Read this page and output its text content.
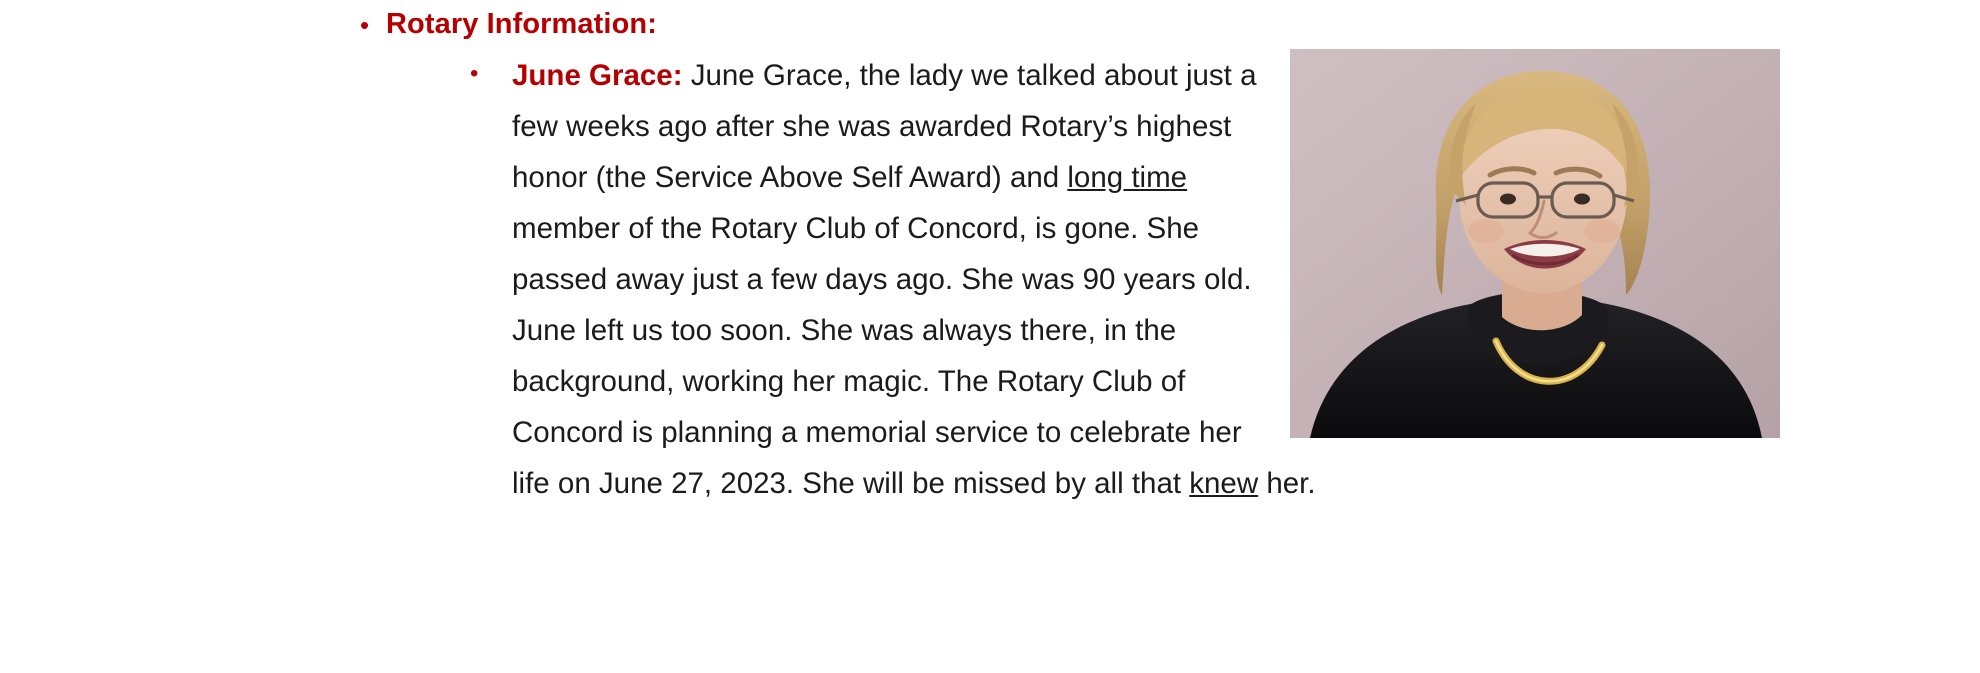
• Rotary Information:
•	June Grace: June Grace, the lady we talked about just a few weeks ago after she was awarded Rotary’s highest honor (the Service Above Self Award) and long time member of the Rotary Club of Concord, is gone. She passed away just a few days ago. She was 90 years old. June left us too soon. She was always there, in the background, working her magic. The Rotary Club of Concord is planning a memorial service to celebrate her life on June 27, 2023. She will be missed by all that knew her.
